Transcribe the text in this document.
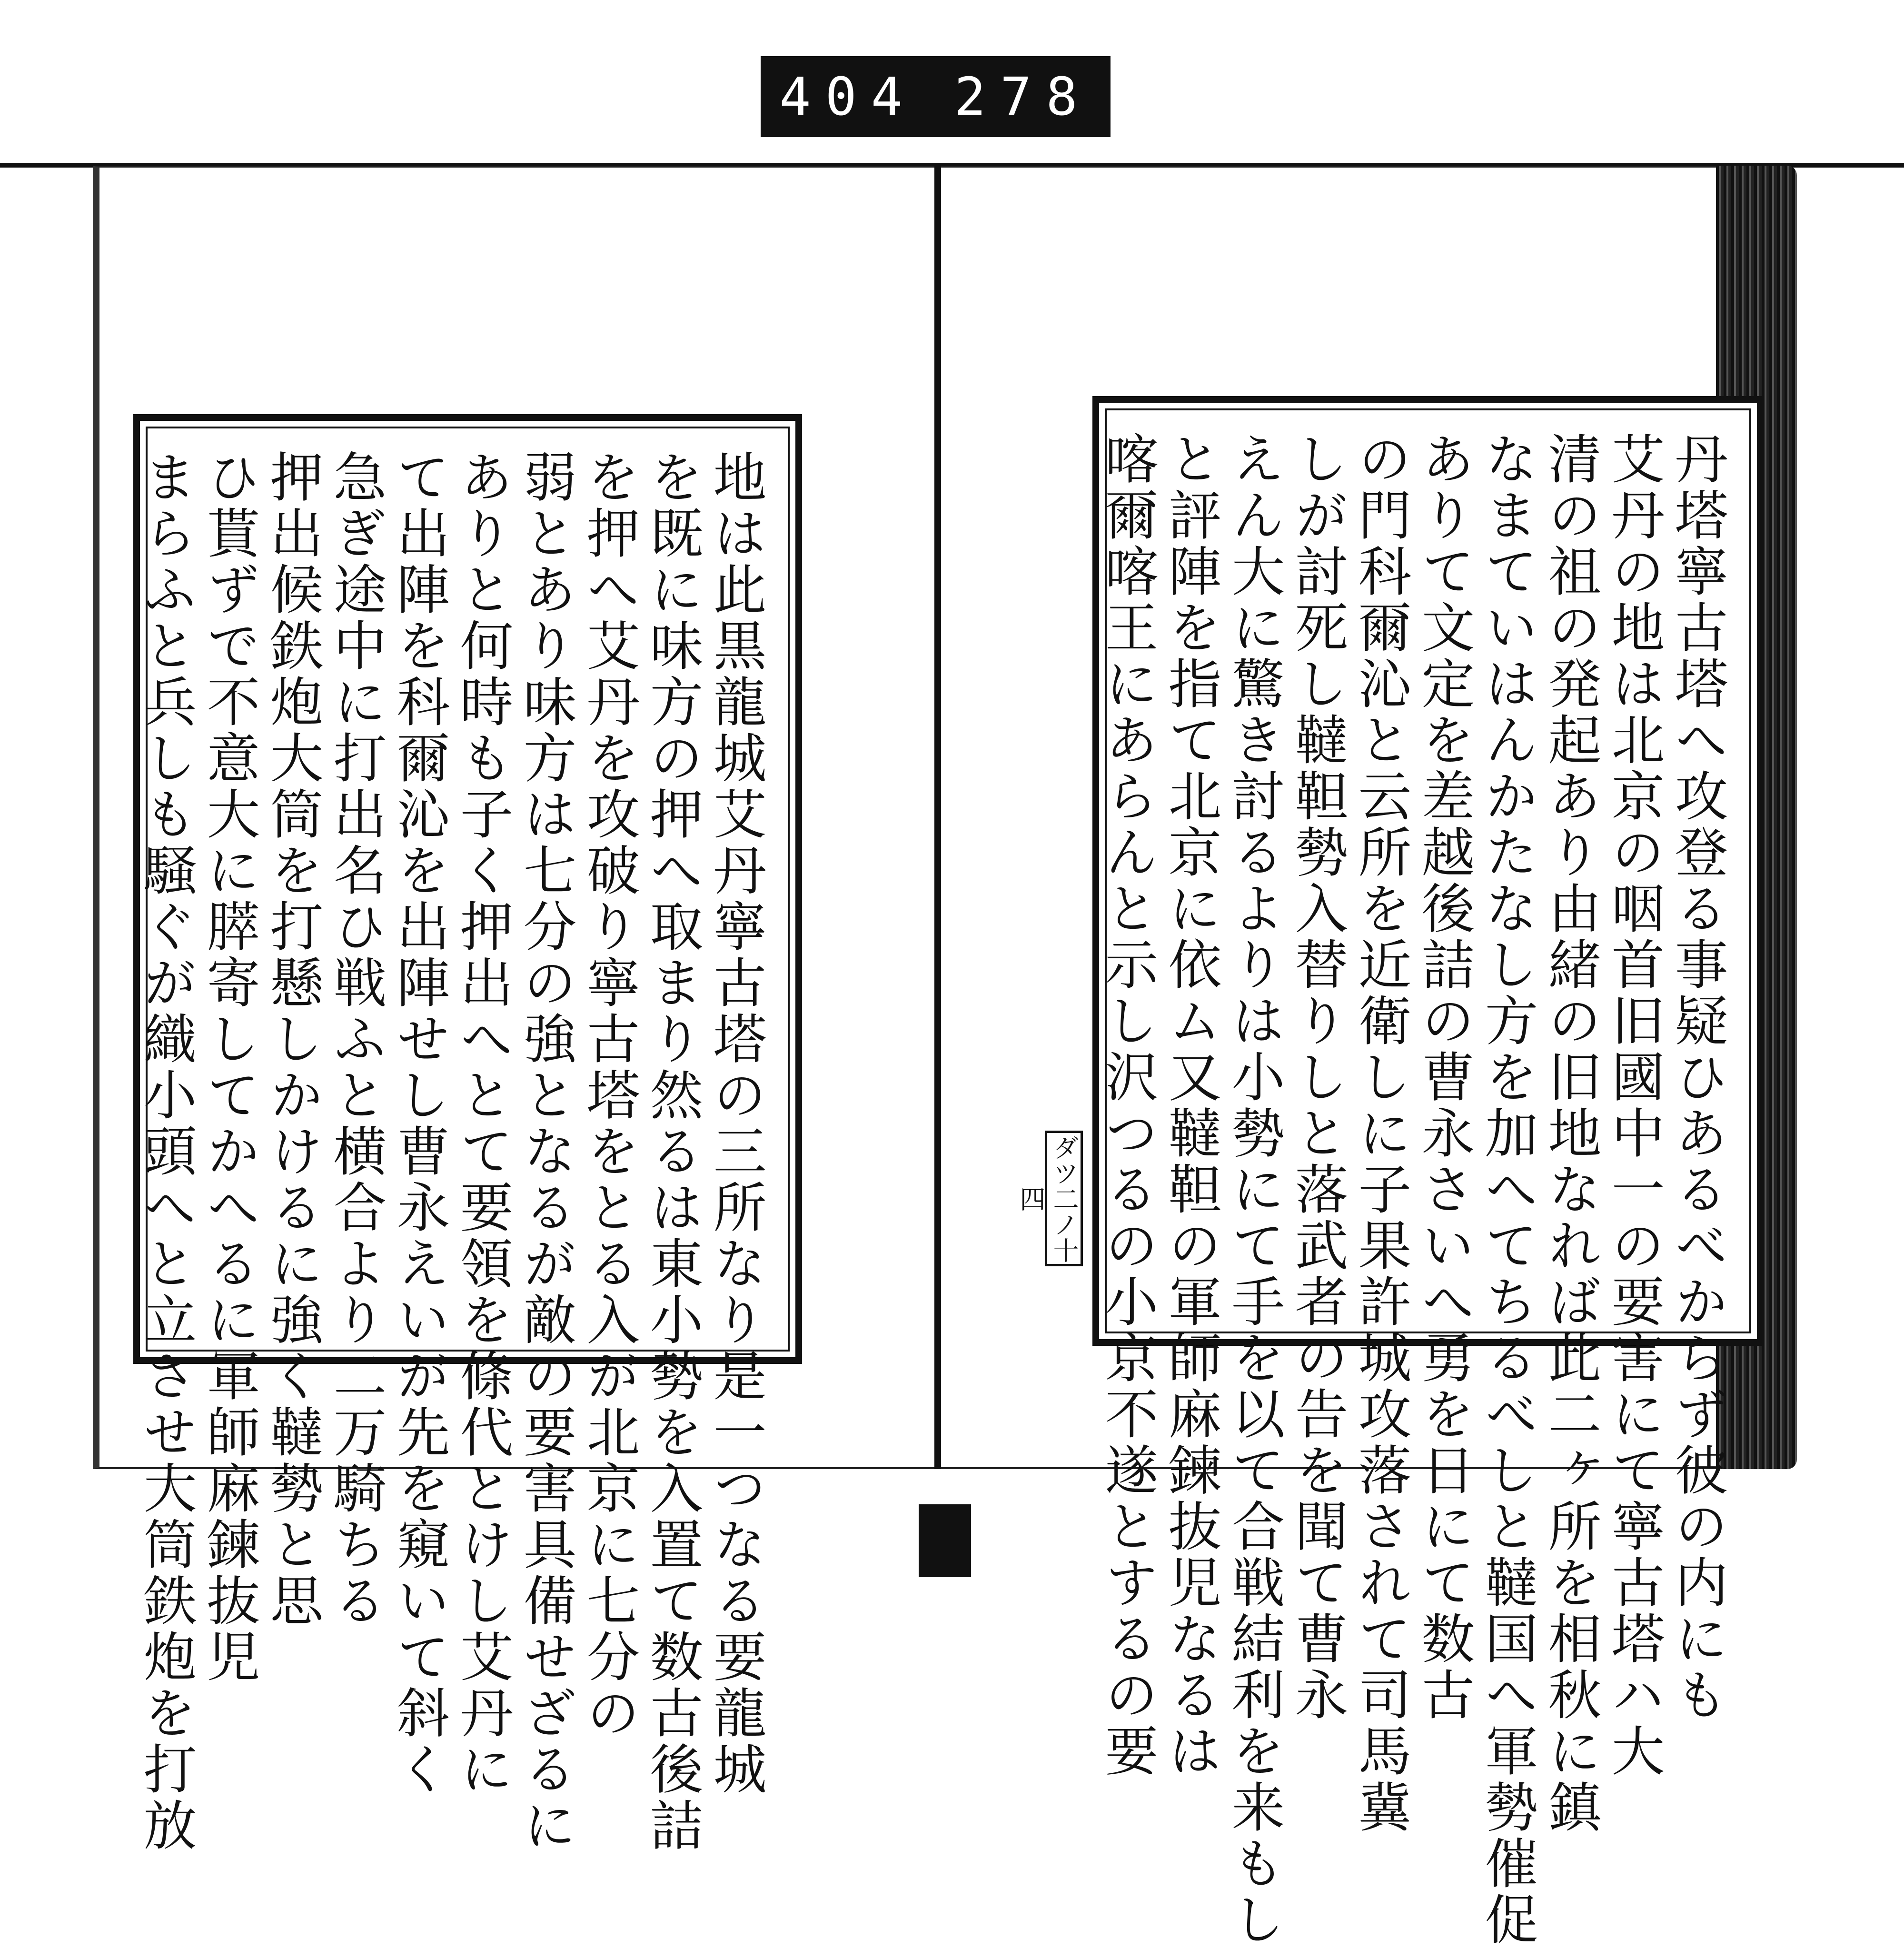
404 278
地は此黒龍城艾丹寧古塔の三所なり是一つなる要龍城
を既に味方の押へ取まり然るは東小勢を入置て数古後詰
を押へ艾丹を攻破り寧古塔をとる入が北京に七分の
弱とあり味方は七分の強となるが敵の要害具備せざるに
ありと何時も子く押出へとて要領を條代とけし艾丹に
て出陣を科爾沁を出陣せし曹永えいが先を窺いて斜く
急ぎ途中に打出名ひ戦ふと横合より二万騎ちる
押出候鉄炮大筒を打懸しかけるに強く韃勢と思
ひ貰ずで不意大に膵寄してかへるに軍師麻鍊抜児
まらふと兵しも騒ぐが織小頭へと立させ大筒鉄炮を打放	丹塔寧古塔へ攻登る事疑ひあるべからず彼の内にも
艾丹の地は北京の咽首旧國中一の要害にて寧古塔ハ大
清の祖の発起あり由緒の旧地なれば此二ヶ所を相秋に鎮
なまていはんかたなし方を加へてちるべしと韃国へ軍勢催促
ありて文定を差越後詰の曹永さいへ勇を日にて数古
の門科爾沁と云所を近衛しに子果許城攻落されて司馬冀
しが討死し韃靼勢入替りしと落武者の告を聞て曹永
えん大に驚き討るよりは小勢にて手を以て合戦結利を来もし
と評陣を指て北京に依ム又韃靼の軍師麻鍊抜児なるは
喀爾喀王にあらんと示し沢つるの小京不遂とするの要
ダツ二ノ十四
